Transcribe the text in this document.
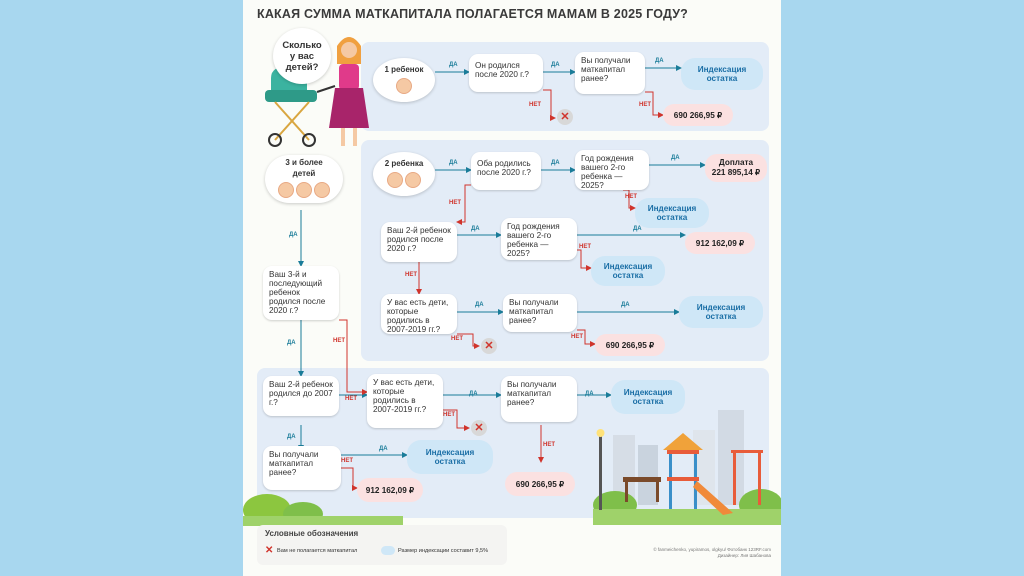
КАКАЯ СУММА МАТКАПИТАЛА ПОЛАГАЕТСЯ МАМАМ В 2025 ГОДУ?
Сколько у вас детей?	1 ребенок
2 ребенка
3 и более детей
ДА	ДА
ДА
НЕТ	НЕТ
ДА	ДА
ДА
НЕТ
НЕТ
ДА	ДА
НЕТ
НЕТ
ДА	ДА
НЕТ	НЕТ
ДА
НЕТ
ДА
НЕТ
ДА	ДА
НЕТ
НЕТ
ДА
ДА
НЕТ
Он родился после 2020 г.?
Вы получали маткапитал ранее?
Индексация остатка
✕	690 266,95 ₽
Оба родились после 2020 г.?
Год рождения вашего 2-го ребенка — 2025?
Доплата
221 895,14 ₽
Индексация остатка
Ваш 2-й ребенок родился после 2020 г.?
Год рождения вашего 2-го ребенка — 2025?
912 162,09 ₽
Индексация остатка
У вас есть дети, которые родились в 2007-2019 гг.?
Вы получали маткапитал ранее?
Индексация остатка
✕	690 266,95 ₽
Ваш 3-й и последующий ребенок родился после 2020 г.?
Ваш 2-й ребенок родился до 2007 г.?
У вас есть дети, которые родились в 2007-2019 гг.?
Вы получали маткапитал ранее?
Индексация остатка
✕
690 266,95 ₽
Вы получали маткапитал ранее?
Индексация остатка
912 162,09 ₽
Условные обозначения
✕ Вам не полагается маткапитал	Размер индексации составит 9,5%	© fanmeichenko, yupiramos, olgkyu/ Фотобанк 123RF.com
Дизайнер: Лия Шабанова
